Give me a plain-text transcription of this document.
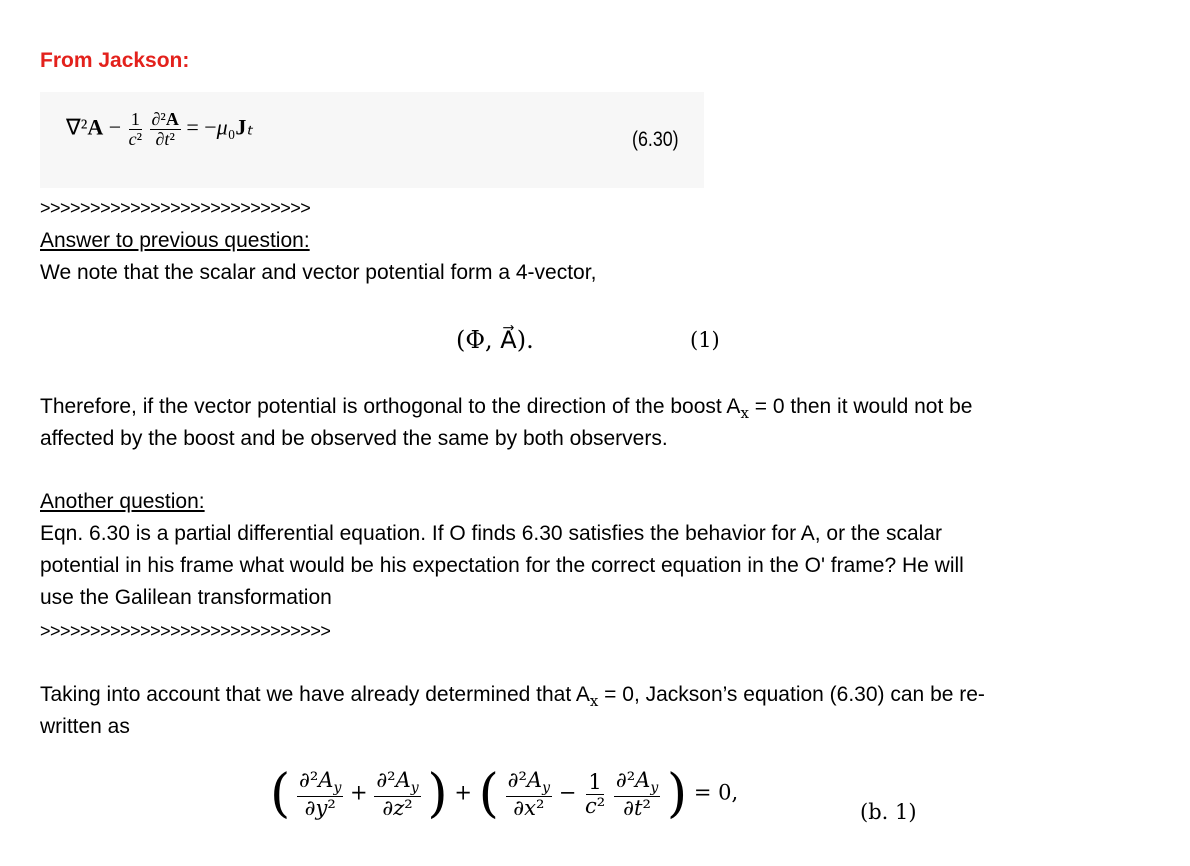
From Jackson:
$\nabla^2A - \frac{1}{\text{c²}}$
$\frac{\text{∂²A}}{\text{∂t²}} = -\mu_0J_t$
(6.30)
>>>>>>>>>>>>>>>>>>>>>>>>>>>
Answer to previous question:
We note that the scalar and vector potential form a 4-vector,
(Φ, A⃗).	(1)
Therefore, if the vector potential is orthogonal to the direction of the boost $A_x = 0$ then it would not be
affected by the boost and be observed the same by both observers.
Another question:
Eqn. 6.30 is a partial differential equation. If O finds 6.30 satisfies the behavior for A, or the scalar
potential in his frame what would be his expectation for the correct equation in the O' frame? He will
use the Galilean transformation
>>>>>>>>>>>>>>>>>>>>>>>>>>>>>
Taking into account that we have already determined that $A_x = 0$, Jackson’s equation (6.30) can be re-
written as
( $\frac{\partial^2A_y}{\text{∂y²}} + \frac{\partial^2A_y}{\text{∂z²}}$ ) + ( $\frac{\partial^2A_y}{\text{∂x²}} - \frac{1}{\text{c²}}$
$\frac{\partial^2A_y}{\text{∂t²}}$ ) = 0,
(b. 1)
